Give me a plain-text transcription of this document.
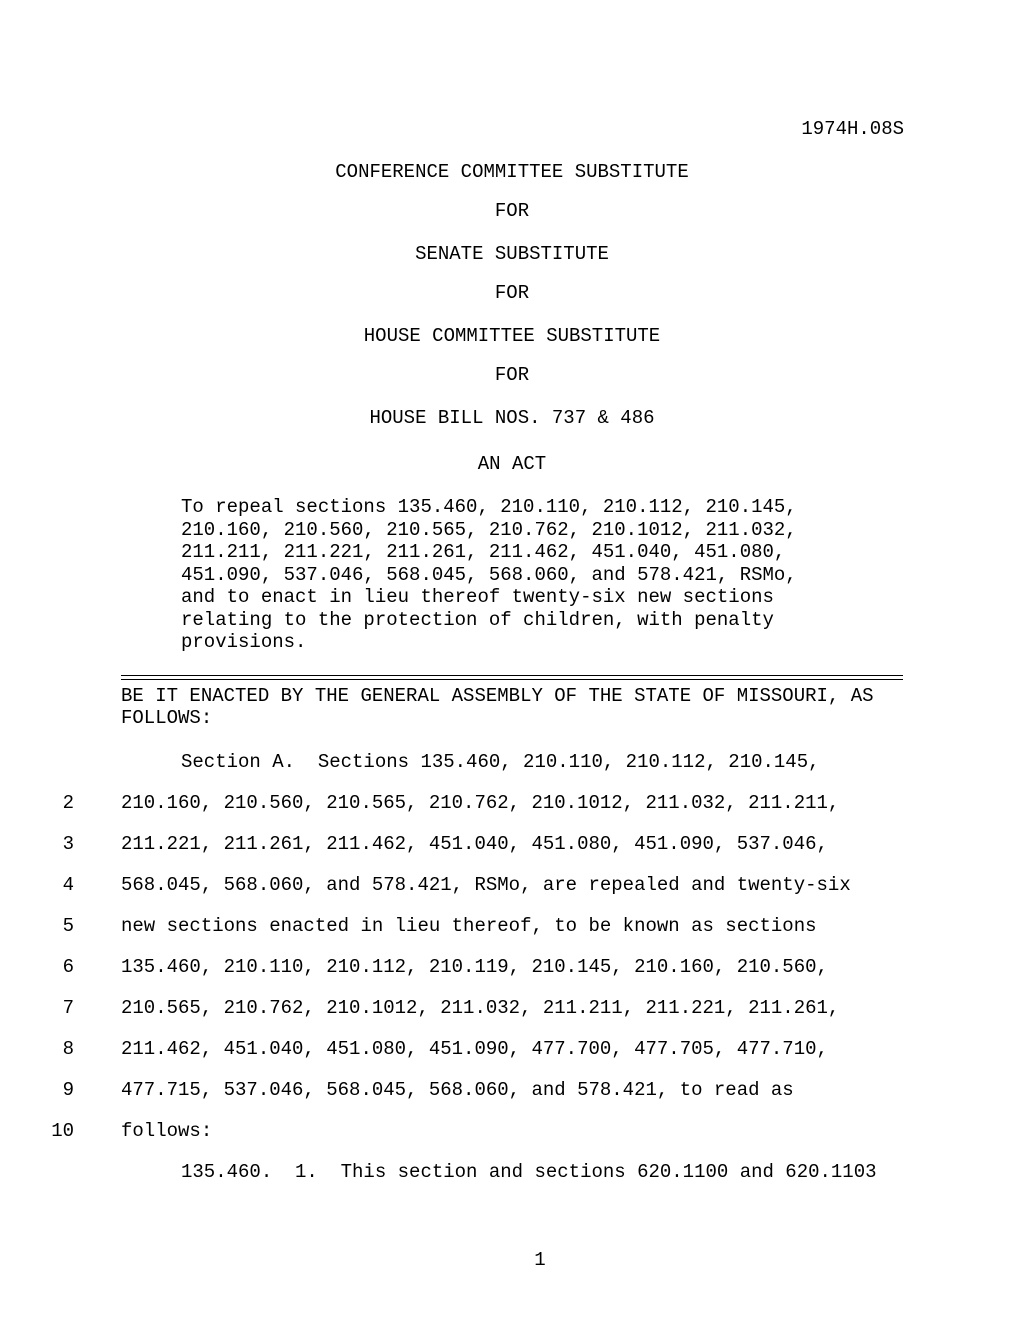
1974H.08S
CONFERENCE COMMITTEE SUBSTITUTE
FOR
SENATE SUBSTITUTE
FOR
HOUSE COMMITTEE SUBSTITUTE
FOR
HOUSE BILL NOS. 737 & 486
AN ACT
To repeal sections 135.460, 210.110, 210.112, 210.145, 210.160, 210.560, 210.565, 210.762, 210.1012, 211.032, 211.211, 211.221, 211.261, 211.462, 451.040, 451.080, 451.090, 537.046, 568.045, 568.060, and 578.421, RSMo, and to enact in lieu thereof twenty-six new sections relating to the protection of children, with penalty provisions.
BE IT ENACTED BY THE GENERAL ASSEMBLY OF THE STATE OF MISSOURI, AS FOLLOWS:
Section A.  Sections 135.460, 210.110, 210.112, 210.145,
2 210.160, 210.560, 210.565, 210.762, 210.1012, 211.032, 211.211,
3 211.221, 211.261, 211.462, 451.040, 451.080, 451.090, 537.046,
4 568.045, 568.060, and 578.421, RSMo, are repealed and twenty-six
5 new sections enacted in lieu thereof, to be known as sections
6 135.460, 210.110, 210.112, 210.119, 210.145, 210.160, 210.560,
7 210.565, 210.762, 210.1012, 211.032, 211.211, 211.221, 211.261,
8 211.462, 451.040, 451.080, 451.090, 477.700, 477.705, 477.710,
9 477.715, 537.046, 568.045, 568.060, and 578.421, to read as
10 follows:
135.460.  1.  This section and sections 620.1100 and 620.1103
1
